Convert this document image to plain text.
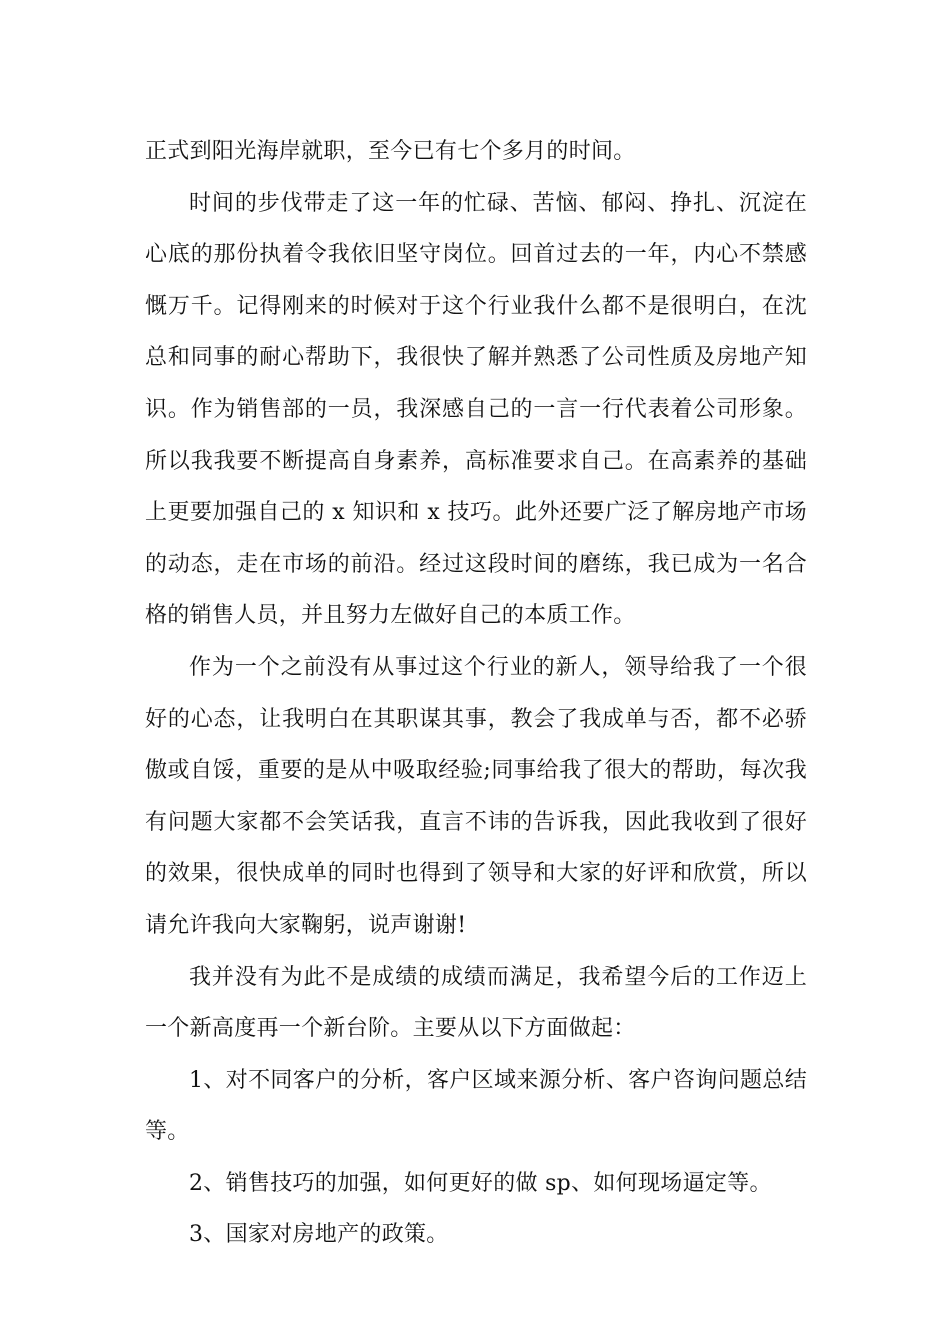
正式到阳光海岸就职，至今已有七个多月的时间。

时间的步伐带走了这一年的忙碌、苦恼、郁闷、挣扎、沉淀在心底的那份执着令我依旧坚守岗位。回首过去的一年，内心不禁感慨万千。记得刚来的时候对于这个行业我什么都不是很明白，在沈总和同事的耐心帮助下，我很快了解并熟悉了公司性质及房地产知识。作为销售部的一员，我深感自己的一言一行代表着公司形象。所以我我要不断提高自身素养，高标准要求自己。在高素养的基础上更要加强自己的 x 知识和 x 技巧。此外还要广泛了解房地产市场的动态，走在市场的前沿。经过这段时间的磨练，我已成为一名合格的销售人员，并且努力左做好自己的本质工作。

作为一个之前没有从事过这个行业的新人，领导给我了一个很好的心态，让我明白在其职谋其事，教会了我成单与否，都不必骄傲或自馁，重要的是从中吸取经验;同事给我了很大的帮助，每次我有问题大家都不会笑话我，直言不讳的告诉我，因此我收到了很好的效果，很快成单的同时也得到了领导和大家的好评和欣赏，所以请允许我向大家鞠躬，说声谢谢!

我并没有为此不是成绩的成绩而满足，我希望今后的工作迈上一个新高度再一个新台阶。主要从以下方面做起：

1、对不同客户的分析，客户区域来源分析、客户咨询问题总结等。

2、销售技巧的加强，如何更好的做 sp、如何现场逼定等。

3、国家对房地产的政策。
